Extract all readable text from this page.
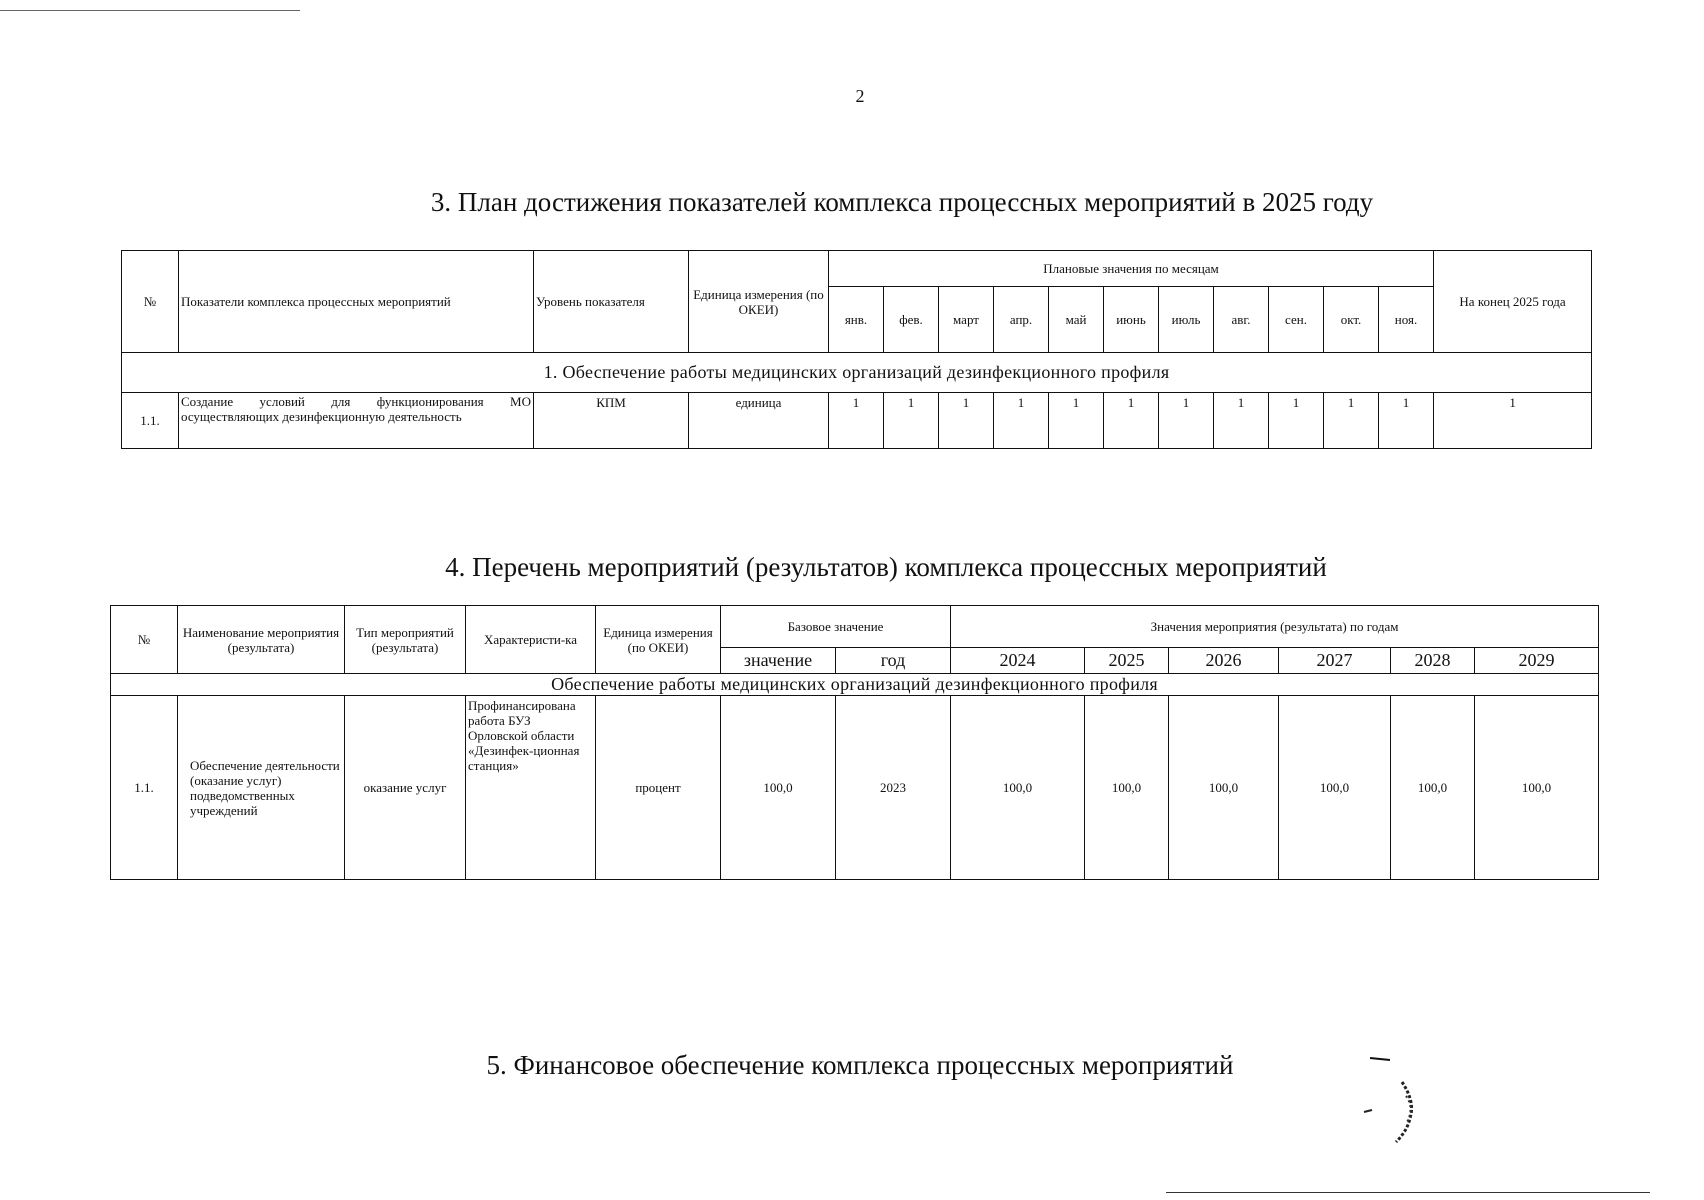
2
3. План достижения показателей комплекса процессных мероприятий в 2025 году
№	Показатели комплекса процессных мероприятий	Уровень показателя	Единица измерения (по ОКЕИ)	Плановые значения по месяцам											На конец 2025 года
				янв.	фев.	март	апр.	май	июнь	июль	авг.	сен.	окт.	ноя.	
1. Обеспечение работы медицинских организаций дезинфекционного профиля															
1.1.	Создание условий для функционирования МО осуществляющих дезинфекционную деятельность	КПМ	единица	1	1	1	1	1	1	1	1	1	1	1	1
4. Перечень мероприятий (результатов) комплекса процессных мероприятий
№	Наименование мероприятия (результата)	Тип мероприятий (результата)	Характеристи-ка	Единица измерения (по ОКЕИ)	Базовое значение		Значения мероприятия (результата) по годам					
					значение	год	2024	2025	2026	2027	2028	2029
Обеспечение работы медицинских организаций дезинфекционного профиля												
1.1.	Обеспечение деятельности (оказание услуг) подведомственных учреждений	оказание услуг	Профинансирована работа БУЗ Орловской области «Дезинфек-ционная станция»	процент	100,0	2023	100,0	100,0	100,0	100,0	100,0	100,0
5. Финансовое обеспечение комплекса процессных мероприятий
